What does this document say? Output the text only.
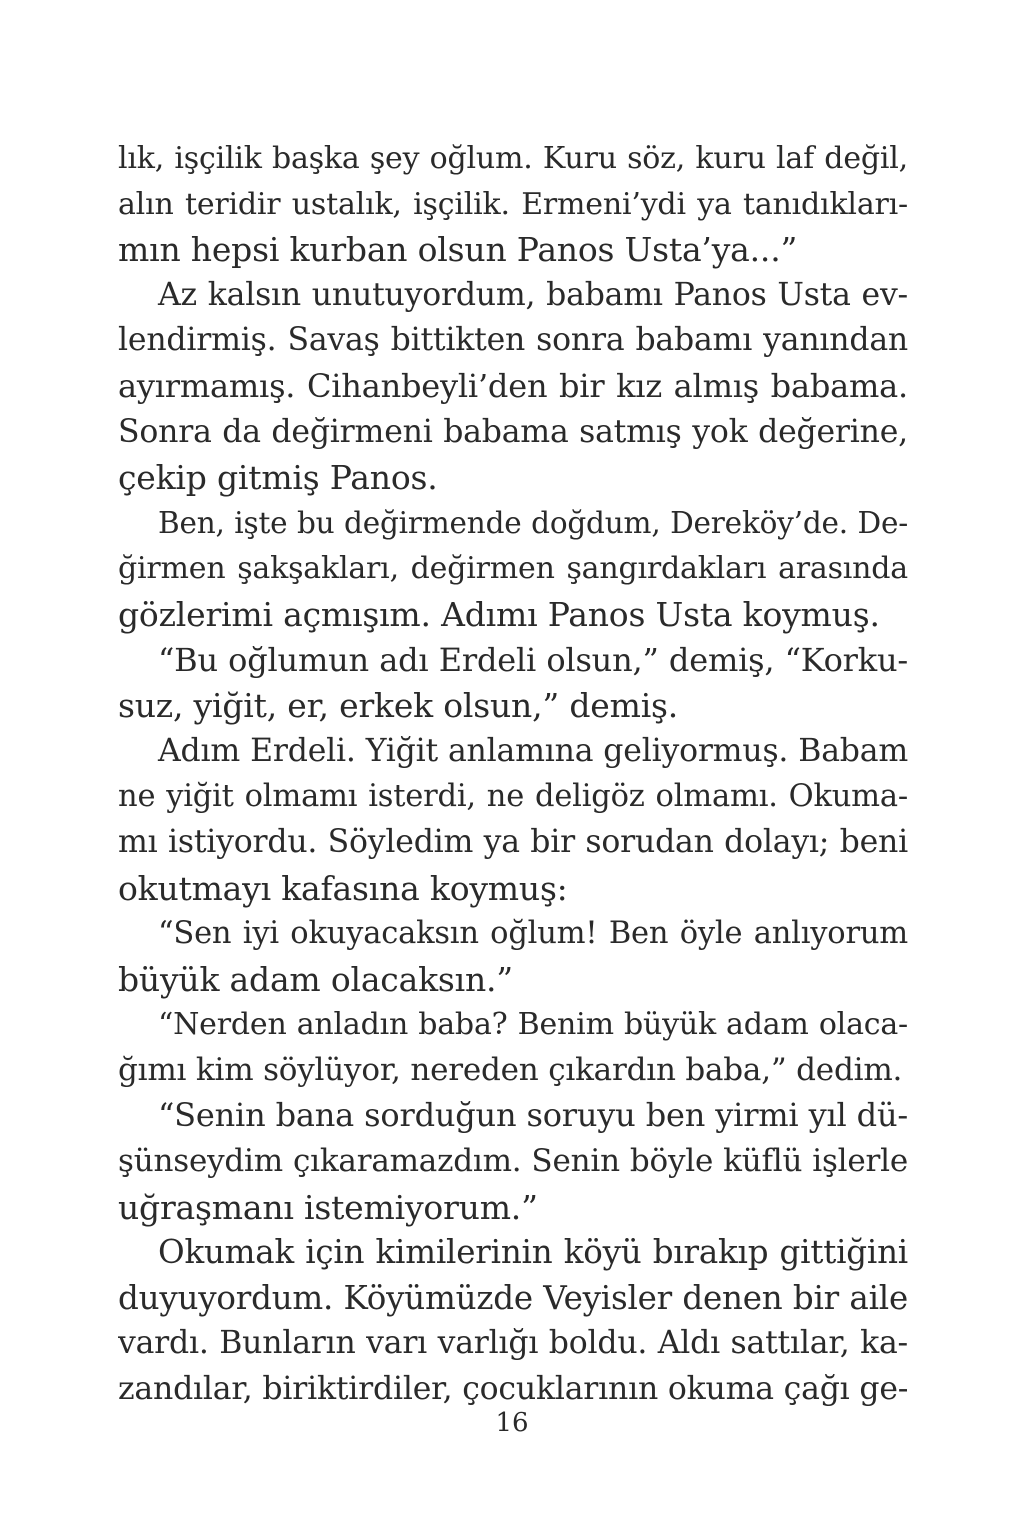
lık, işçilik başka şey oğlum. Kuru söz, kuru laf değil,
alın teridir ustalık, işçilik. Ermeni’ydi ya tanıdıkları-
mın hepsi kurban olsun Panos Usta’ya...”
Az kalsın unutuyordum, babamı Panos Usta ev-
lendirmiş. Savaş bittikten sonra babamı yanından
ayırmamış. Cihanbeyli’den bir kız almış babama.
Sonra da değirmeni babama satmış yok değerine,
çekip gitmiş Panos.
Ben, işte bu değirmende doğdum, Dereköy’de. De-
ğirmen şakşakları, değirmen şangırdakları arasında
gözlerimi açmışım. Adımı Panos Usta koymuş.
“Bu oğlumun adı Erdeli olsun,” demiş, “Korku-
suz, yiğit, er, erkek olsun,” demiş.
Adım Erdeli. Yiğit anlamına geliyormuş. Babam
ne yiğit olmamı isterdi, ne deligöz olmamı. Okuma-
mı istiyordu. Söyledim ya bir sorudan dolayı; beni
okutmayı kafasına koymuş:
“Sen iyi okuyacaksın oğlum! Ben öyle anlıyorum
büyük adam olacaksın.”
“Nerden anladın baba? Benim büyük adam olaca-
ğımı kim söylüyor, nereden çıkardın baba,” dedim.
“Senin bana sorduğun soruyu ben yirmi yıl dü-
şünseydim çıkaramazdım. Senin böyle küflü işlerle
uğraşmanı istemiyorum.”
Okumak için kimilerinin köyü bırakıp gittiğini
duyuyordum. Köyümüzde Veyisler denen bir aile
vardı. Bunların varı varlığı boldu. Aldı sattılar, ka-
zandılar, biriktirdiler, çocuklarının okuma çağı ge-
16
